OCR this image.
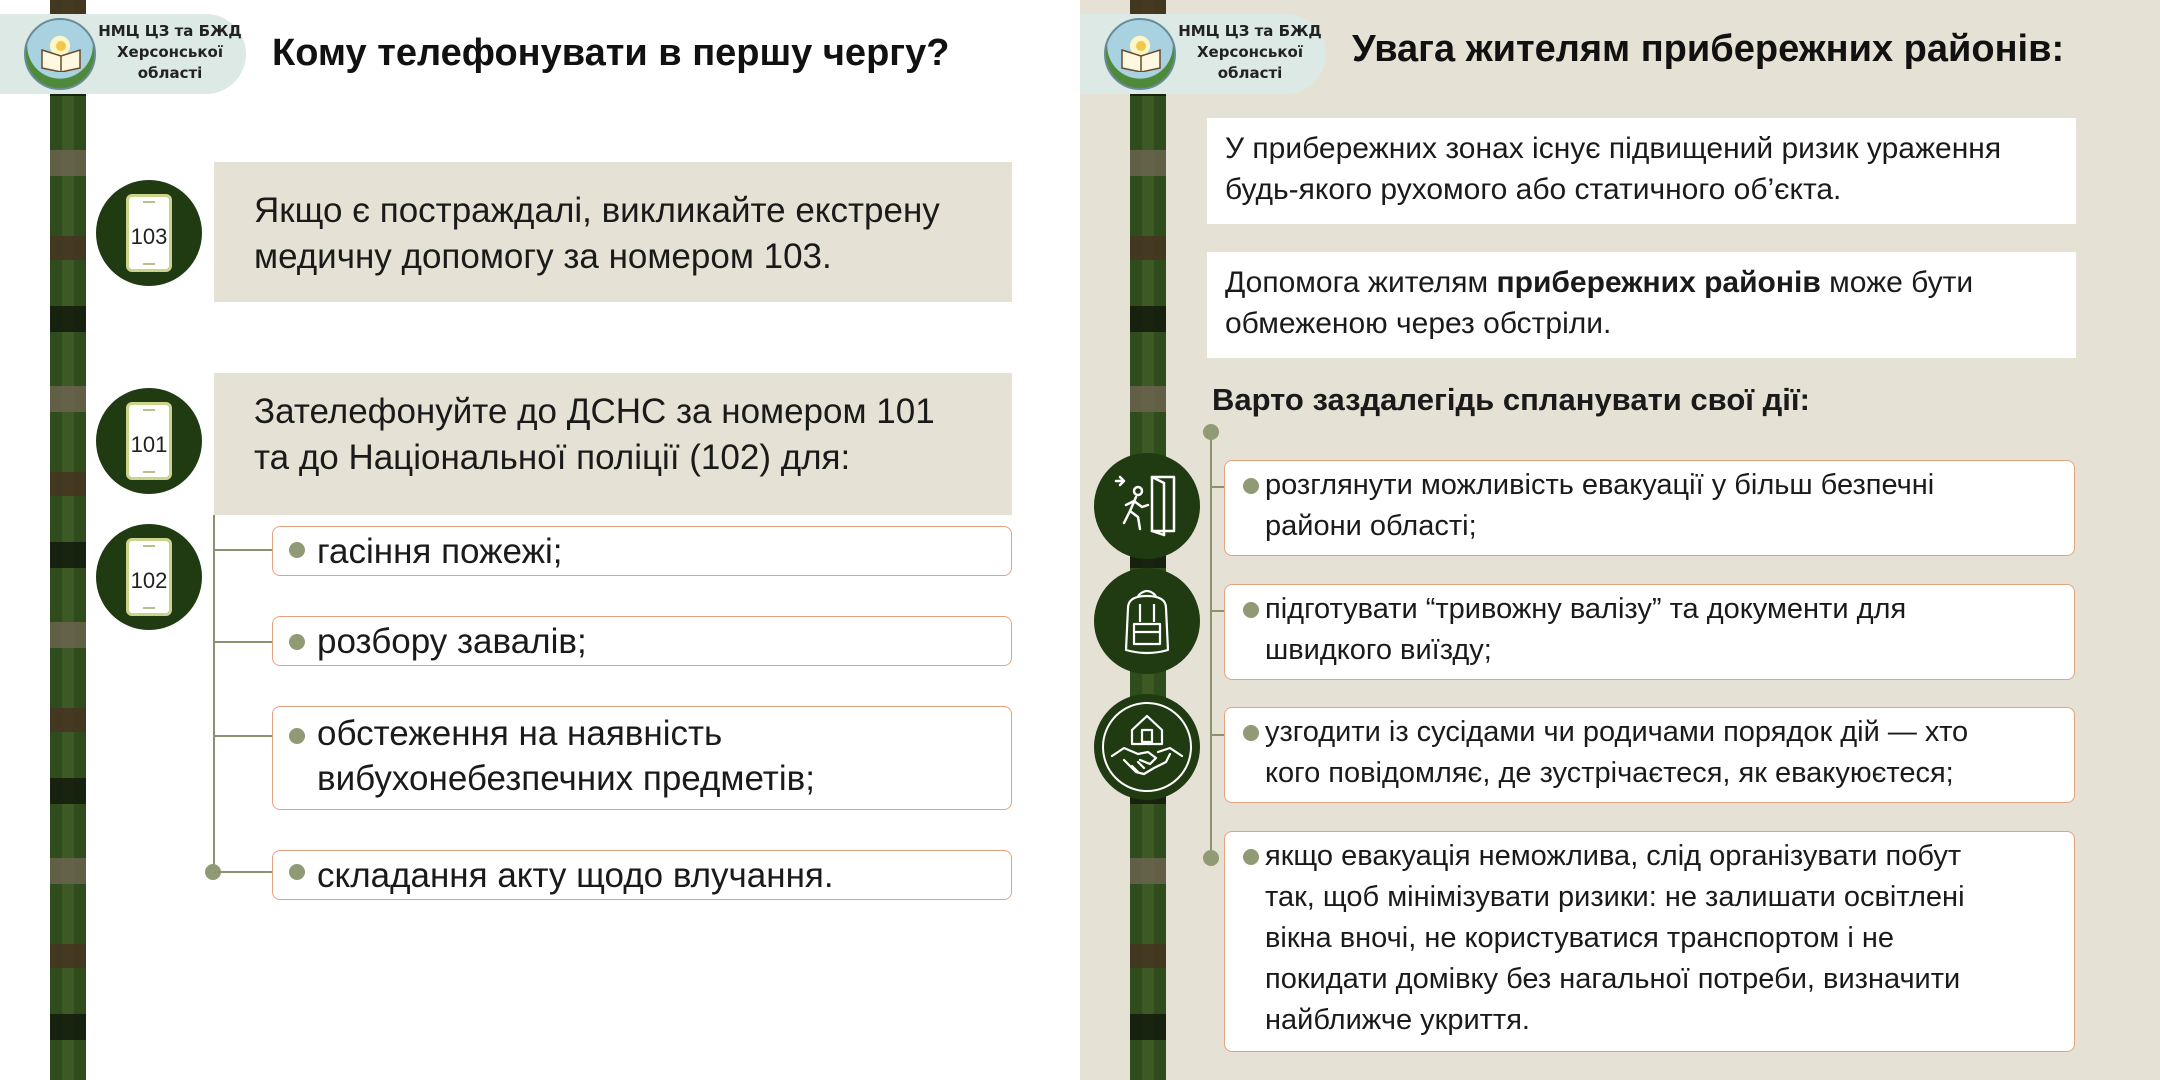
НМЦ ЦЗ та БЖД
Херсонської
області	Кому телефонувати в першу чергу?
103
101
102
Якщо є постраждалі, викликайте екстрену
медичну допомогу за номером 103.
Зателефонуйте до ДСНС за номером 101
та до Національної поліції (102) для:
гасіння пожежі;
розбору завалів;
обстеження на наявність
вибухонебезпечних предметів;
складання акту щодо влучання.
НМЦ ЦЗ та БЖД
Херсонської
області
Увага жителям прибережних районів:
У прибережних зонах існує підвищений ризик ураження
будь-якого рухомого або статичного об’єкта.
Допомога жителям прибережних районів може бути
обмеженою через обстріли.
Варто заздалегідь спланувати свої дії:
розглянути можливість евакуації у більш безпечні
райони області;
підготувати “тривожну валізу” та документи для
швидкого виїзду;
узгодити із сусідами чи родичами порядок дій — хто
кого повідомляє, де зустрічаєтеся, як евакуюєтеся;
якщо евакуація неможлива, слід організувати побут
так, щоб мінімізувати ризики: не залишати освітлені
вікна вночі, не користуватися транспортом і не
покидати домівку без нагальної потреби, визначити
найближче укриття.
